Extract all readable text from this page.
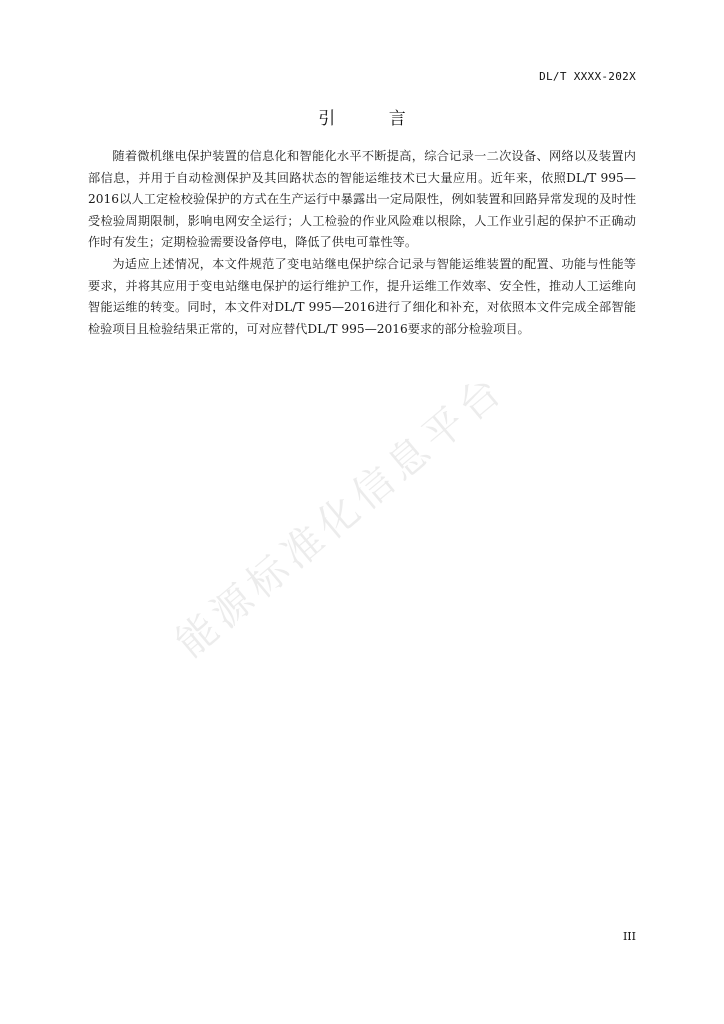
DL/T XXXX-202X
引 言

随着微机继电保护装置的信息化和智能化水平不断提高，综合记录一二次设备、网络以及装置内部信息，并用于自动检测保护及其回路状态的智能运维技术已大量应用。近年来，依照DL/T 995—2016以人工定检校验保护的方式在生产运行中暴露出一定局限性，例如装置和回路异常发现的及时性受检验周期限制，影响电网安全运行；人工检验的作业风险难以根除，人工作业引起的保护不正确动作时有发生；定期检验需要设备停电，降低了供电可靠性等。

为适应上述情况，本文件规范了变电站继电保护综合记录与智能运维装置的配置、功能与性能等要求，并将其应用于变电站继电保护的运行维护工作，提升运维工作效率、安全性，推动人工运维向智能运维的转变。同时，本文件对DL/T 995—2016进行了细化和补充，对依照本文件完成全部智能检验项目且检验结果正常的，可对应替代DL/T 995—2016要求的部分检验项目。

能源标准化信息平台
III
